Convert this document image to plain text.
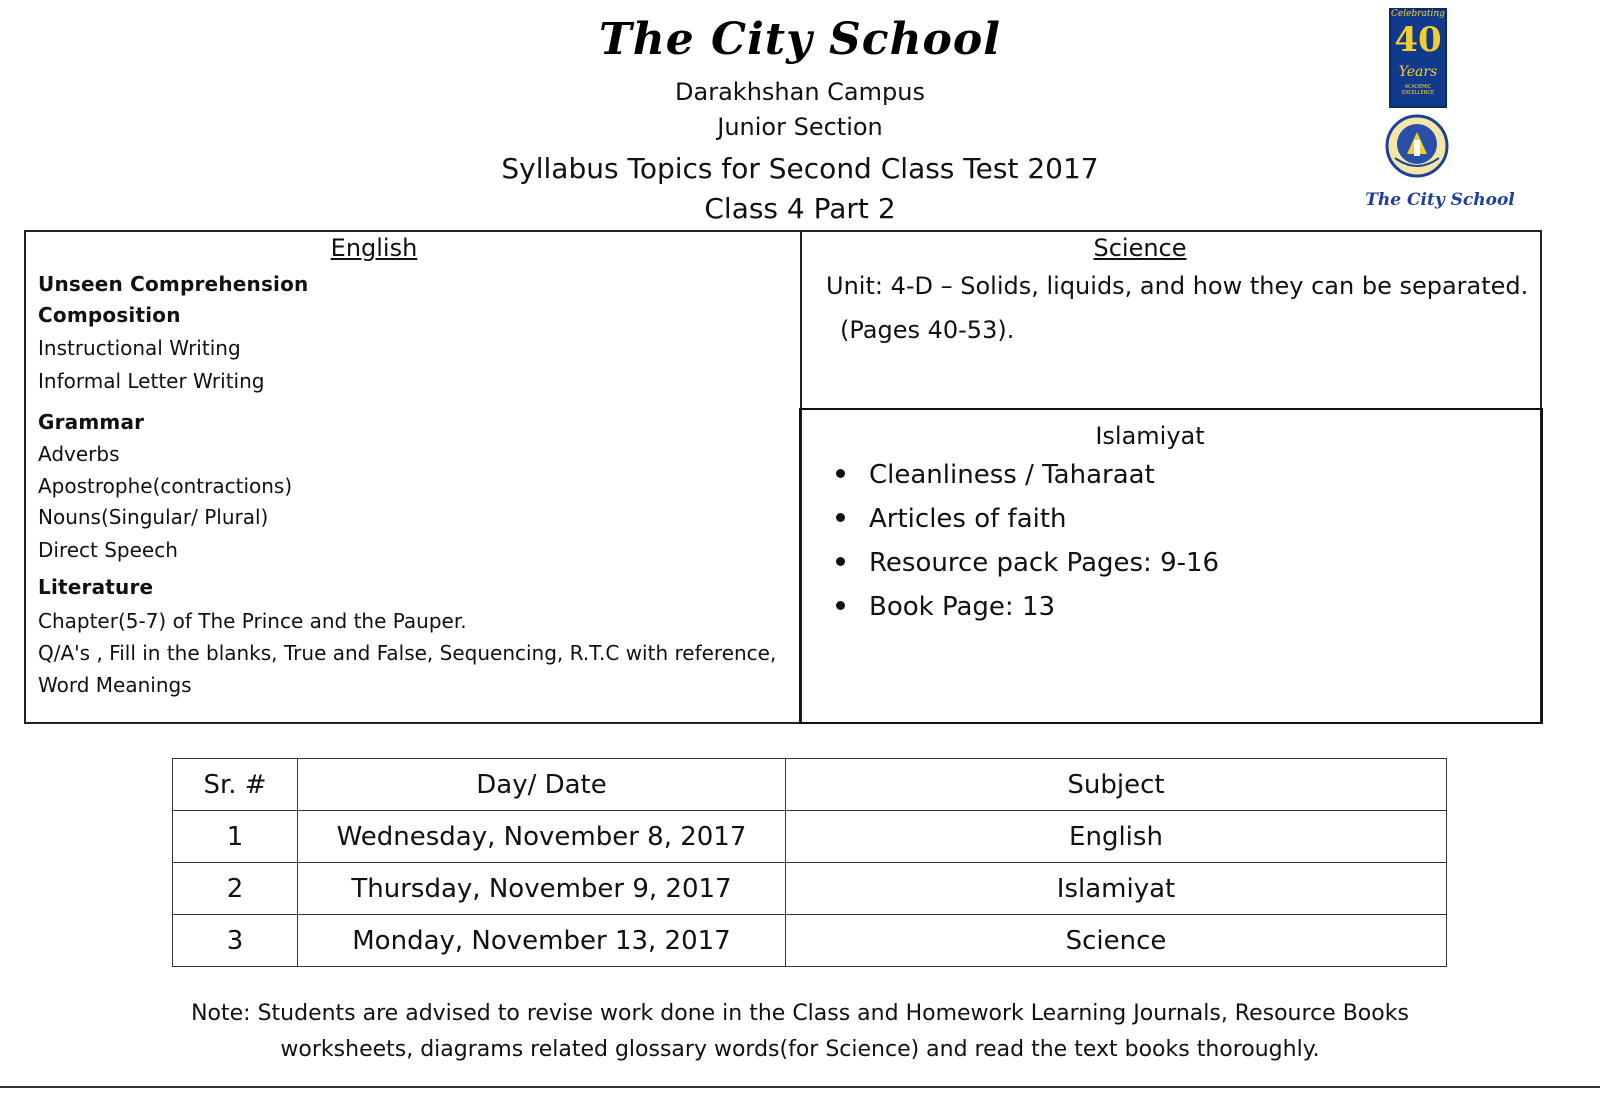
The City School
Darakhshan Campus
Junior Section
Syllabus Topics for Second Class Test 2017
Class 4 Part 2
Celebrating
40
Years
ACADEMIC
EXCELLENCE
The City School
English
Unseen Comprehension
Composition
Instructional Writing
Informal Letter Writing
Grammar
Adverbs
Apostrophe(contractions)
Nouns(Singular/ Plural)
Direct Speech
Literature
Chapter(5-7) of The Prince and the Pauper.
Q/A's , Fill in the blanks, True and False, Sequencing, R.T.C with reference,
Word Meanings
Science
Unit: 4-D – Solids, liquids, and how they can be separated.
(Pages 40-53).
Islamiyat
Cleanliness / Taharaat
Articles of faith
Resource pack Pages: 9-16
Book Page: 13
Sr. #	Day/ Date	Subject
1	Wednesday, November 8, 2017	English
2	Thursday, November 9, 2017	Islamiyat
3	Monday, November 13, 2017	Science
Note: Students are advised to revise work done in the Class and Homework Learning Journals, Resource Books
worksheets, diagrams related glossary words(for Science) and read the text books thoroughly.
